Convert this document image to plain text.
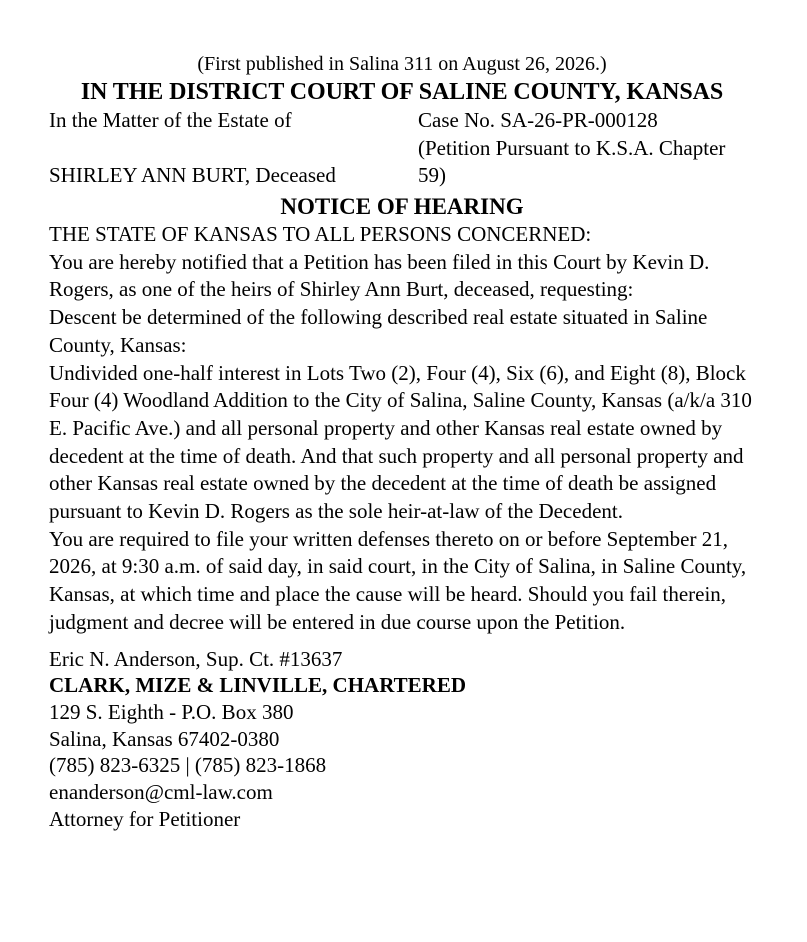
(First published in Salina 311 on August 26, 2026.)
IN THE DISTRICT COURT OF SALINE COUNTY, KANSAS
In the Matter of the Estate of
SHIRLEY ANN BURT, Deceased
Case No. SA-26-PR-000128
(Petition Pursuant to K.S.A. Chapter
59)
NOTICE OF HEARING

THE STATE OF KANSAS TO ALL PERSONS CONCERNED:

You are hereby notified that a Petition has been filed in this Court by Kevin D. Rogers, as one of the heirs of Shirley Ann Burt, deceased, requesting:

Descent be determined of the following described real estate situated in Saline County, Kansas:

Undivided one-half interest in Lots Two (2), Four (4), Six (6), and Eight (8), Block Four (4) Woodland Addition to the City of Salina, Saline County, Kansas (a/k/a 310 E. Pacific Ave.) and all personal property and other Kansas real estate owned by decedent at the time of death. And that such property and all personal property and other Kansas real estate owned by the decedent at the time of death be assigned pursuant to Kevin D. Rogers as the sole heir-at-law of the Decedent.

You are required to file your written defenses thereto on or before September 21, 2026, at 9:30 a.m. of said day, in said court, in the City of Salina, in Saline County, Kansas, at which time and place the cause will be heard. Should you fail therein, judgment and decree will be entered in due course upon the Petition.

Eric N. Anderson, Sup. Ct. #13637
CLARK, MIZE & LINVILLE, CHARTERED
129 S. Eighth - P.O. Box 380
Salina, Kansas 67402-0380
(785) 823-6325 | (785) 823-1868
enanderson@cml-law.com
Attorney for Petitioner
